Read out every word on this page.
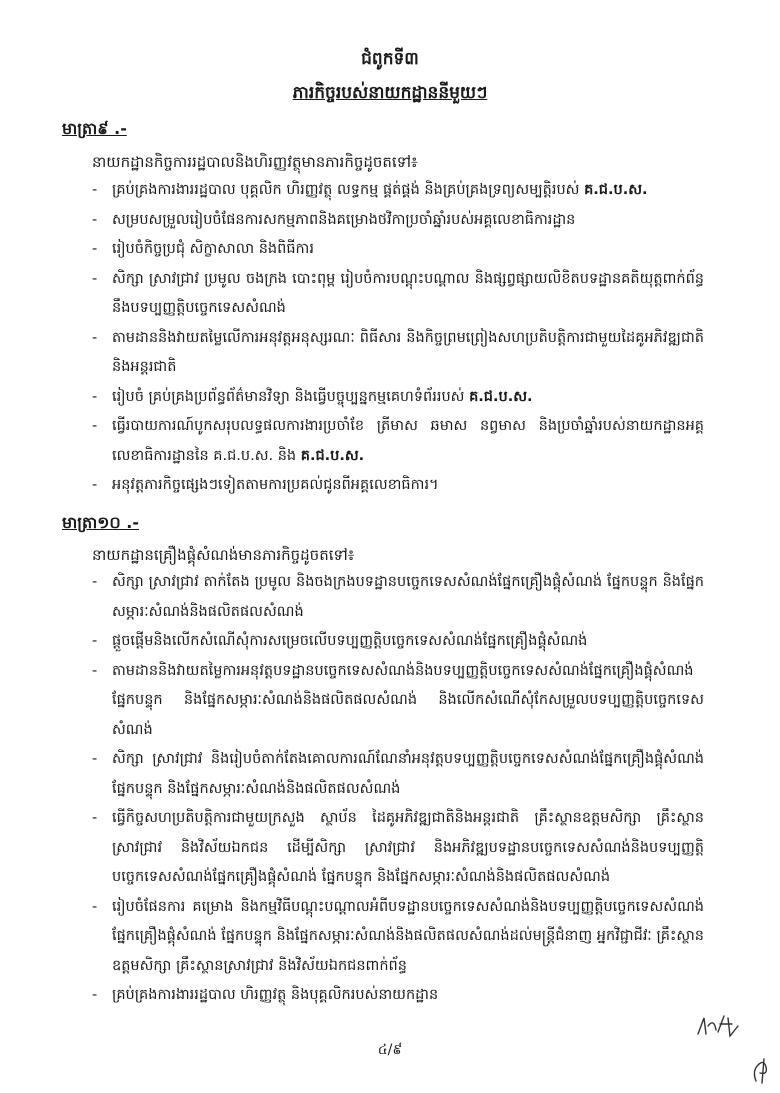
ជំពូកទី៣
ភារកិច្ចរបស់នាយកដ្ឋាននីមួយៗ
មាត្រា៩ .-
នាយកដ្ឋានកិច្ចការរដ្ឋបាលនិងហិរញ្ញវត្ថុមានភារកិច្ចដូចតទៅ៖
- គ្រប់គ្រងការងាររដ្ឋបាល បុគ្គលិក ហិរញ្ញវត្ថុ លទ្ធកម្ម ផ្គត់ផ្គង់ និងគ្រប់គ្រងទ្រព្យសម្បត្តិរបស់ គ.ជ.ប.ស.
- សម្របសម្រួលរៀបចំផែនការសកម្មភាពនិងគម្រោងថវិកាប្រចាំឆ្នាំរបស់អគ្គលេខាធិការដ្ឋាន
- រៀបចំកិច្ចប្រជុំ សិក្ខាសាលា និងពិធីការ
- សិក្សា ស្រាវជ្រាវ ប្រមូល ចងក្រង បោះពុម្ព រៀបចំការបណ្ដុះបណ្ដាល និងផ្សព្វផ្សាយលិខិតបទដ្ឋានគតិយុត្តពាក់ព័ន្ធនឹងបទប្បញ្ញត្តិបច្ចេកទេសសំណង់
- តាមដាននិងវាយតម្លៃលើការអនុវត្តអនុស្សរណៈ ពិធីសារ និងកិច្ចព្រមព្រៀងសហប្រតិបត្តិការជាមួយដៃគូអភិវឌ្ឍជាតិនិងអន្តរជាតិ
- រៀបចំ គ្រប់គ្រងប្រព័ន្ធព័ត៌មានវិទ្យា និងធ្វើបច្ចុប្បន្នកម្មគេហទំព័ររបស់ គ.ជ.ប.ស.
- ធ្វើរបាយការណ៍បូកសរុបលទ្ធផលការងារប្រចាំខែ ត្រីមាស ឆមាស នព្វមាស និងប្រចាំឆ្នាំរបស់នាយកដ្ឋានអគ្គលេខាធិការដ្ឋាននៃ គ.ជ.ប.ស. និង គ.ជ.ប.ស.
- អនុវត្តភារកិច្ចផ្សេងៗទៀតតាមការប្រគល់ជូនពីអគ្គលេខាធិការ។
មាត្រា១០ .-
នាយកដ្ឋានគ្រឿងផ្គុំសំណង់មានភារកិច្ចដូចតទៅ៖
- សិក្សា ស្រាវជ្រាវ តាក់តែង ប្រមូល និងចងក្រងបទដ្ឋានបច្ចេកទេសសំណង់ផ្នែកគ្រឿងផ្គុំសំណង់ ផ្នែកបន្ទុក និងផ្នែកសម្ភារៈសំណង់និងផលិតផលសំណង់
- ផ្តួចផ្តើមនិងលើកសំណើសុំការសម្រេចលើបទប្បញ្ញត្តិបច្ចេកទេសសំណង់ផ្នែកគ្រឿងផ្គុំសំណង់
- តាមដាននិងវាយតម្លៃការអនុវត្តបទដ្ឋានបច្ចេកទេសសំណង់និងបទប្បញ្ញត្តិបច្ចេកទេសសំណង់ផ្នែកគ្រឿងផ្គុំសំណង់ ផ្នែកបន្ទុក និងផ្នែកសម្ភារៈសំណង់និងផលិតផលសំណង់ និងលើកសំណើសុំកែសម្រួលបទប្បញ្ញត្តិបច្ចេកទេសសំណង់
- សិក្សា ស្រាវជ្រាវ និងរៀបចំតាក់តែងគោលការណ៍ណែនាំអនុវត្តបទប្បញ្ញត្តិបច្ចេកទេសសំណង់ផ្នែកគ្រឿងផ្គុំសំណង់ ផ្នែកបន្ទុក និងផ្នែកសម្ភារៈសំណង់និងផលិតផលសំណង់
- ធ្វើកិច្ចសហប្រតិបត្តិការជាមួយក្រសួង ស្ថាប័ន ដៃគូអភិវឌ្ឍជាតិនិងអន្តរជាតិ គ្រឹះស្ថានឧត្តមសិក្សា គ្រឹះស្ថានស្រាវជ្រាវ និងវិស័យឯកជន ដើម្បីសិក្សា ស្រាវជ្រាវ និងអភិវឌ្ឍបទដ្ឋានបច្ចេកទេសសំណង់និងបទប្បញ្ញត្តិបច្ចេកទេសសំណង់ផ្នែកគ្រឿងផ្គុំសំណង់ ផ្នែកបន្ទុក និងផ្នែកសម្ភារៈសំណង់និងផលិតផលសំណង់
- រៀបចំផែនការ គម្រោង និងកម្មវិធីបណ្ដុះបណ្ដាលអំពីបទដ្ឋានបច្ចេកទេសសំណង់និងបទប្បញ្ញត្តិបច្ចេកទេសសំណង់ផ្នែកគ្រឿងផ្គុំសំណង់ ផ្នែកបន្ទុក និងផ្នែកសម្ភារៈសំណង់និងផលិតផលសំណង់ដល់មន្ត្រីជំនាញ អ្នកវិជ្ជាជីវៈ គ្រឹះស្ថានឧត្តមសិក្សា គ្រឹះស្ថានស្រាវជ្រាវ និងវិស័យឯកជនពាក់ព័ន្ធ
- គ្រប់គ្រងការងាររដ្ឋបាល ហិរញ្ញវត្ថុ និងបុគ្គលិករបស់នាយកដ្ឋាន
៤/៩
